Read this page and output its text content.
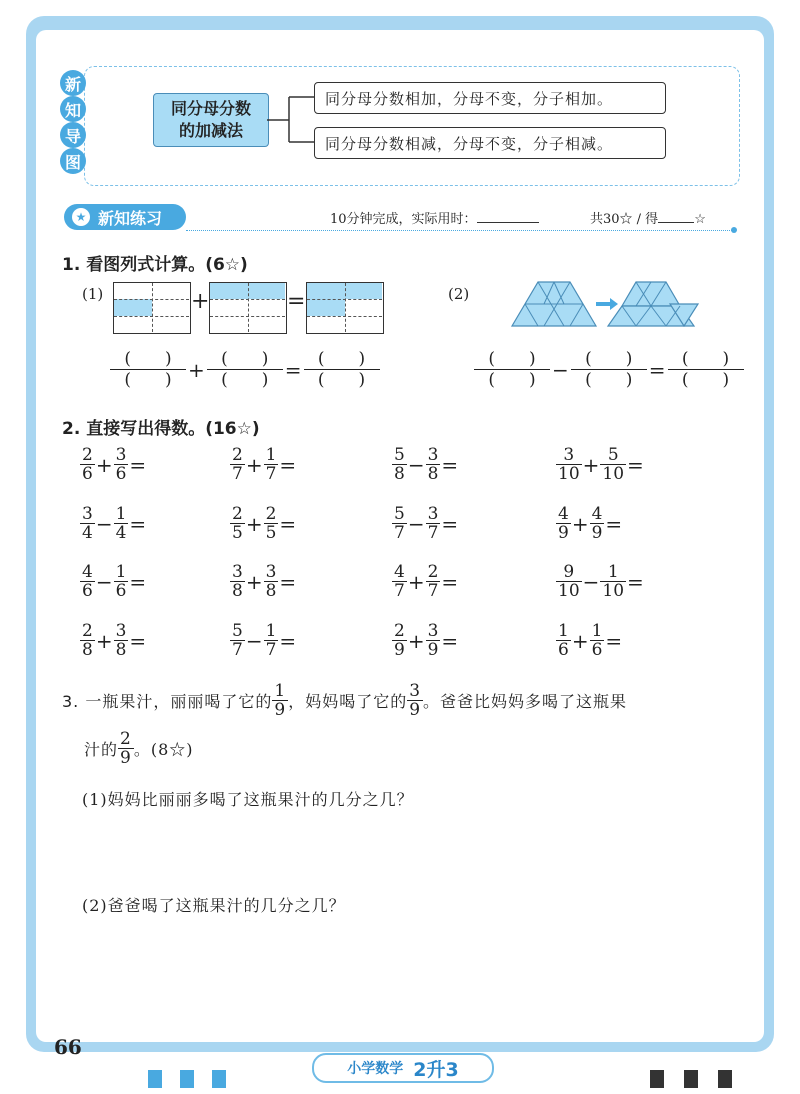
新
知
导
图
同分母分数
的加减法
同分母分数相加，分母不变，分子相加。
同分母分数相减，分母不变，分子相减。
★ 新知练习	10分钟完成，实际用时：	共30☆ / 得	☆
1. 看图列式计算。(6☆)
(1)	+	=	(2)
$\frac{( )}{( )} + \frac{( )}{( )} = \frac{( )}{( )}$	$\frac{( )}{( )} - \frac{( )}{( )} = \frac{( )}{( )}$
2. 直接写出得数。(16☆)
$\frac{2}{6} + \frac{3}{6}$ =	$\frac{2}{7} + \frac{1}{7}$ =	$\frac{5}{8} - \frac{3}{8}$ =	$\frac{3}{10} + \frac{5}{10}$ =
$\frac{3}{4} - \frac{1}{4}$ =	$\frac{2}{5} + \frac{2}{5}$ =	$\frac{5}{7} - \frac{3}{7}$ =	$\frac{4}{9} + \frac{4}{9}$ =
$\frac{4}{6} - \frac{1}{6}$ =	$\frac{3}{8} + \frac{3}{8}$ =	$\frac{4}{7} + \frac{2}{7}$ =	$\frac{9}{10} - \frac{1}{10}$ =
$\frac{2}{8} + \frac{3}{8}$ =	$\frac{5}{7} - \frac{1}{7}$ =	$\frac{2}{9} + \frac{3}{9}$ =	$\frac{1}{6} + \frac{1}{6}$ =
3. 一瓶果汁，丽丽喝了它的 $\frac{1}{9}$ ，妈妈喝了它的 $\frac{3}{9}$ 。爸爸比妈妈多喝了这瓶果
汁的 $\frac{2}{9}$ 。(8☆)
(1)妈妈比丽丽多喝了这瓶果汁的几分之几？
(2)爸爸喝了这瓶果汁的几分之几？
66
小学数学 2升3
